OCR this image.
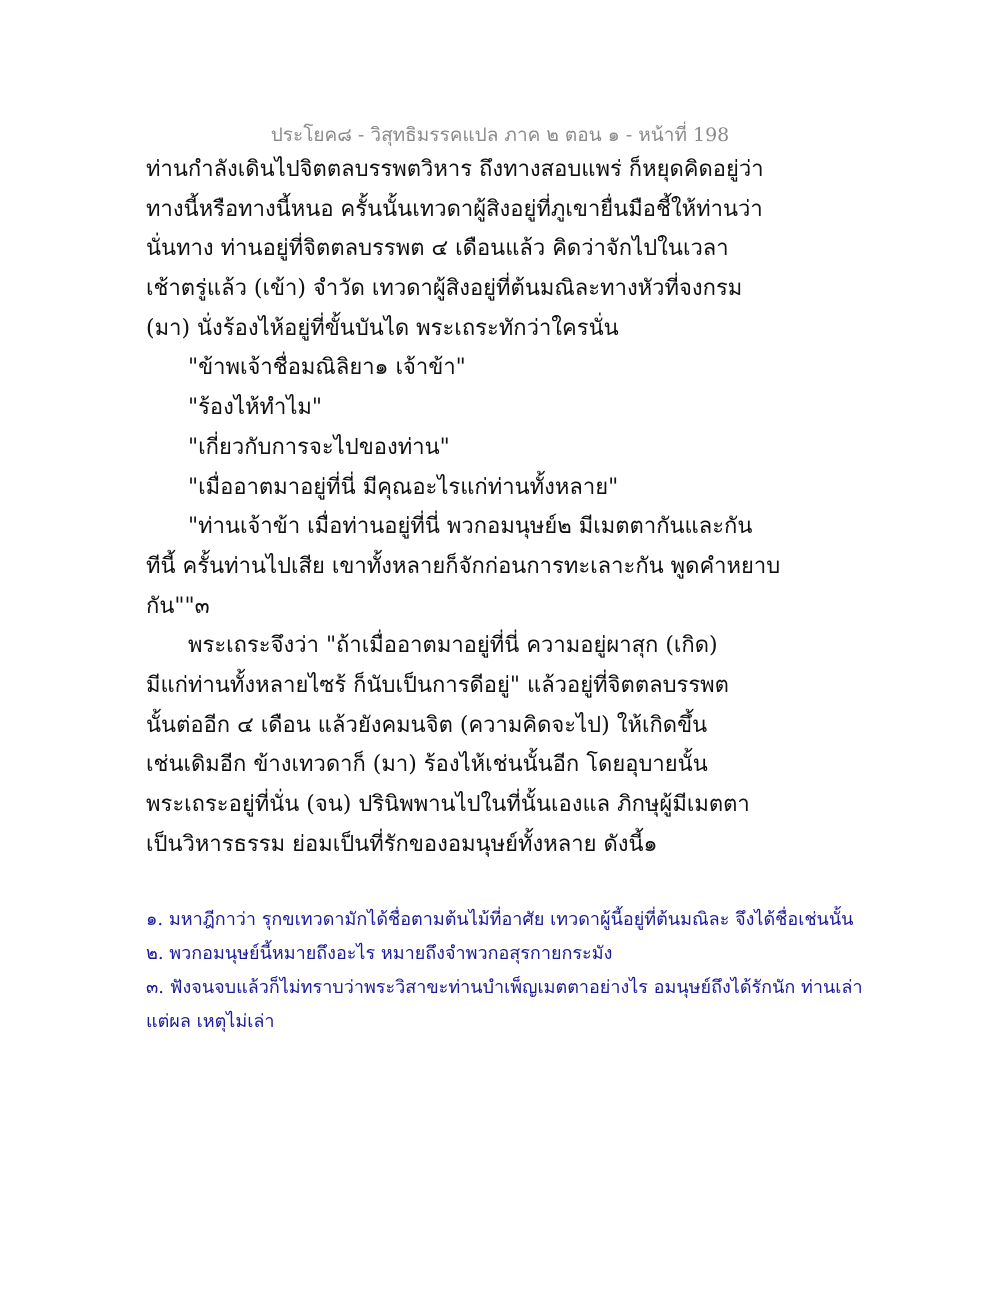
ประโยค๘ - วิสุทธิมรรคแปล ภาค ๒ ตอน ๑ - หน้าที่ 198
ท่านกำลังเดินไปจิตตลบรรพตวิหาร ถึงทางสอบแพร่ ก็หยุดคิดอยู่ว่า
ทางนี้หรือทางนี้หนอ ครั้นนั้นเทวดาผู้สิงอยู่ที่ภูเขายื่นมือชี้ให้ท่านว่า
นั่นทาง ท่านอยู่ที่จิตตลบรรพต ๔ เดือนแล้ว คิดว่าจักไปในเวลา
เช้าตรู่แล้ว (เข้า) จำวัด เทวดาผู้สิงอยู่ที่ต้นมณิละทางหัวที่จงกรม
(มา) นั่งร้องไห้อยู่ที่ขั้นบันได พระเถระทักว่าใครนั่น
"ข้าพเจ้าชื่อมณิลิยา๑ เจ้าข้า"
"ร้องไห้ทำไม"
"เกี่ยวกับการจะไปของท่าน"
"เมื่ออาตมาอยู่ที่นี่ มีคุณอะไรแก่ท่านทั้งหลาย"
"ท่านเจ้าข้า เมื่อท่านอยู่ที่นี่ พวกอมนุษย์๒ มีเมตตากันและกัน
ทีนี้ ครั้นท่านไปเสีย เขาทั้งหลายก็จักก่อนการทะเลาะกัน พูดคำหยาบ
กัน""๓
พระเถระจึงว่า "ถ้าเมื่ออาตมาอยู่ที่นี่ ความอยู่ผาสุก (เกิด)
มีแก่ท่านทั้งหลายไซร้ ก็นับเป็นการดีอยู่" แล้วอยู่ที่จิตตลบรรพต
นั้นต่ออีก ๔ เดือน แล้วยังคมนจิต (ความคิดจะไป) ให้เกิดขึ้น
เช่นเดิมอีก ข้างเทวดาก็ (มา) ร้องไห้เช่นนั้นอีก โดยอุบายนั้น
พระเถระอยู่ที่นั่น (จน) ปรินิพพานไปในที่นั้นเองแล ภิกษุผู้มีเมตตา
เป็นวิหารธรรม ย่อมเป็นที่รักของอมนุษย์ทั้งหลาย ดังนี้๑
๑. มหาฎีกาว่า รุกขเทวดามักได้ชื่อตามต้นไม้ที่อาศัย เทวดาผู้นี้อยู่ที่ต้นมณิละ จึงได้ชื่อเช่นนั้น
๒. พวกอมนุษย์นี้หมายถึงอะไร หมายถึงจำพวกอสุรกายกระมัง
๓. ฟังจนจบแล้วก็ไม่ทราบว่าพระวิสาขะท่านบำเพ็ญเมตตาอย่างไร อมนุษย์ถึงได้รักนัก ท่านเล่า
แต่ผล เหตุไม่เล่า
